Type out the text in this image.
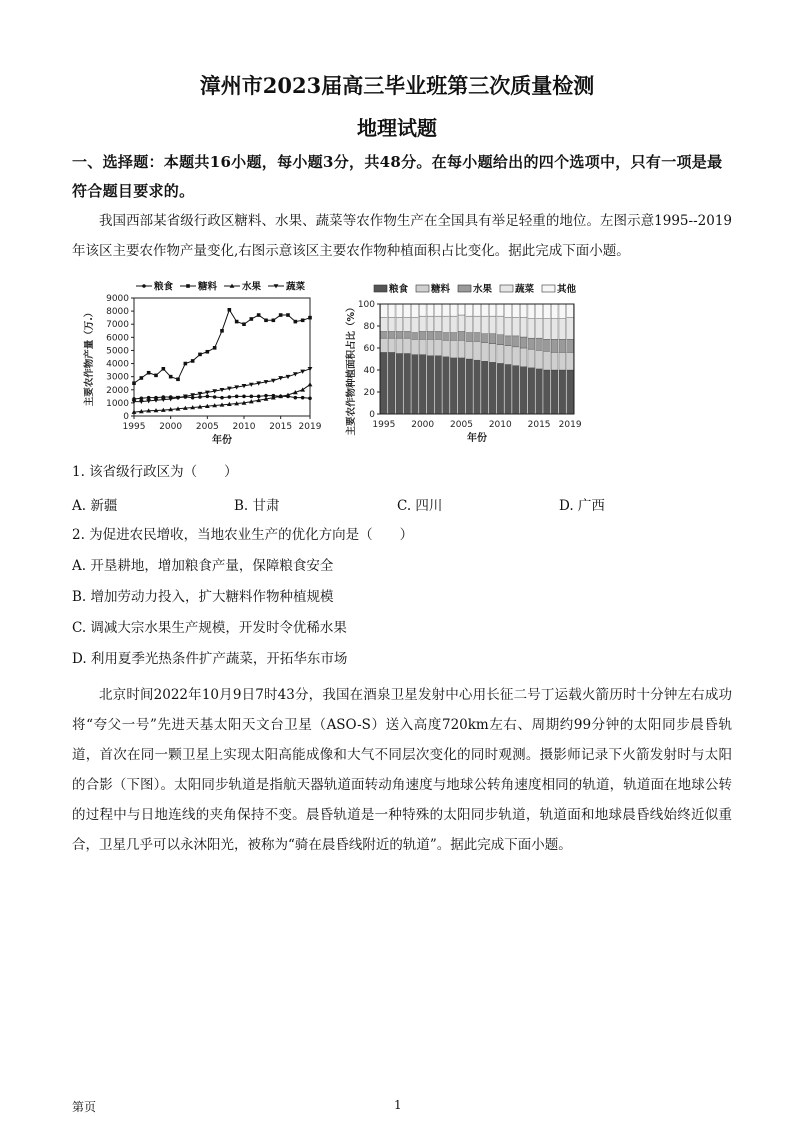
漳州市2023届高三毕业班第三次质量检测
地理试题
一、选择题：本题共16小题，每小题3分，共48分。在每小题给出的四个选项中，只有一项是最符合题目要求的。
我国西部某省级行政区糖料、水果、蔬菜等农作物生产在全国具有举足轻重的地位。左图示意1995--2019年该区主要农作物产量变化,右图示意该区主要农作物种植面积占比变化。据此完成下面小题。
0
1000
2000
3000
4000
5000
6000
7000
8000
9000
1995 2000 2005 2010 2015 2019
年份
主要农作物产量（万.）
粮食	糖料	水果	蔬菜
0
20
40
60
80
100
1995 2000 2005 2010 2015 2019
年份
主要农作物种植面积占比（%）
粮食 糖料 水果 蔬菜 其他
1. 该省级行政区为（　　）
A. 新疆	B. 甘肃	C. 四川	D. 广西
2. 为促进农民增收，当地农业生产的优化方向是（　　）
A. 开垦耕地，增加粮食产量，保障粮食安全
B. 增加劳动力投入，扩大糖料作物种植规模
C. 调减大宗水果生产规模，开发时令优稀水果
D. 利用夏季光热条件扩产蔬菜，开拓华东市场
北京时间2022年10月9日7时43分，我国在酒泉卫星发射中心用长征二号丁运载火箭历时十分钟左右成功将“夸父一号”先进天基太阳天文台卫星（ASO-S）送入高度720km左右、周期约99分钟的太阳同步晨昏轨道，首次在同一颗卫星上实现太阳高能成像和大气不同层次变化的同时观测。摄影师记录下火箭发射时与太阳的合影（下图）。太阳同步轨道是指航天器轨道面转动角速度与地球公转角速度相同的轨道，轨道面在地球公转的过程中与日地连线的夹角保持不变。晨昏轨道是一种特殊的太阳同步轨道，轨道面和地球晨昏线始终近似重合，卫星几乎可以永沐阳光，被称为“骑在晨昏线附近的轨道”。据此完成下面小题。
第页	1
